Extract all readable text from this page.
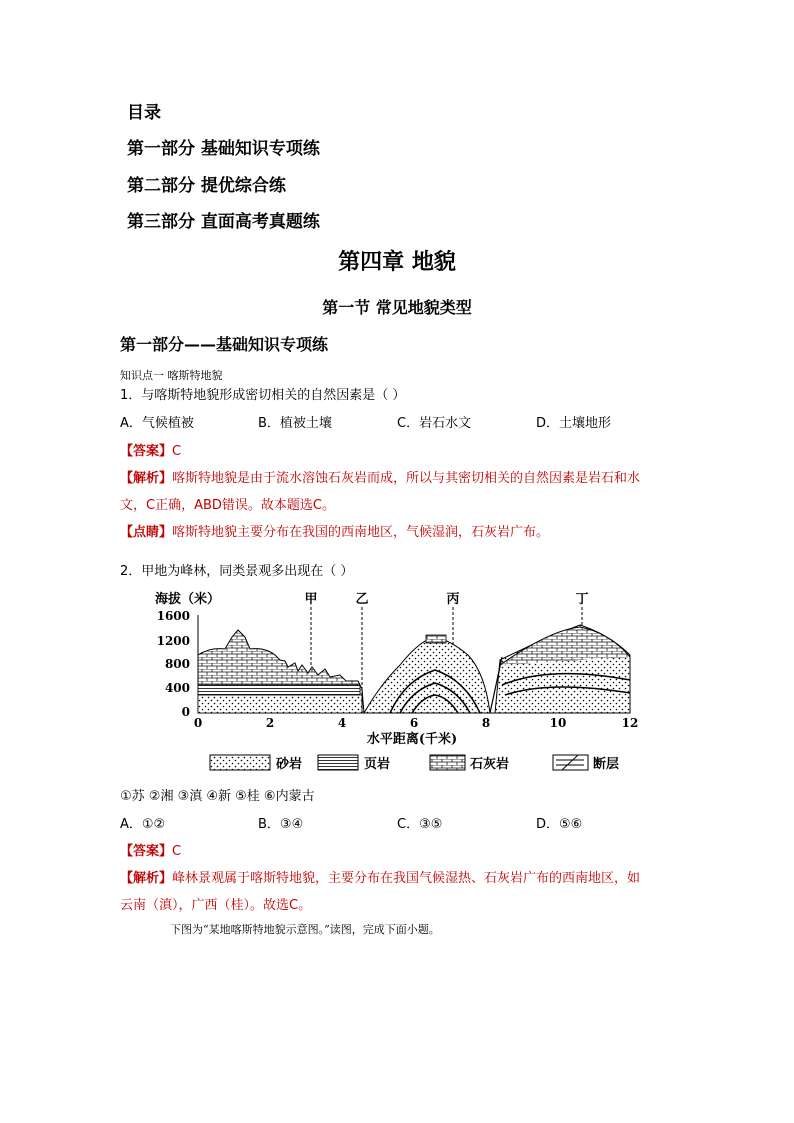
目录
第一部分 基础知识专项练
第二部分 提优综合练
第三部分 直面高考真题练
第四章 地貌
第一节 常见地貌类型
第一部分——基础知识专项练
知识点一 喀斯特地貌
1．与喀斯特地貌形成密切相关的自然因素是（ ）
A．气候植被	B．植被土壤	C．岩石水文	D．土壤地形
【答案】C
【解析】喀斯特地貌是由于流水溶蚀石灰岩而成，所以与其密切相关的自然因素是岩石和水
文，C正确，ABD错误。故本题选C。
【点睛】喀斯特地貌主要分布在我国的西南地区，气候湿润，石灰岩广布。
2．甲地为峰林，同类景观多出现在（ ）
海拔（米）
1600
1200
800
400
0
0	2	4	6	8	10	12
水平距离(千米)
甲	乙	丙	丁
砂岩	页岩	石灰岩	断层
①苏 ②湘 ③滇 ④新 ⑤桂 ⑥内蒙古
A．①②	B．③④	C．③⑤	D．⑤⑥
【答案】C
【解析】峰林景观属于喀斯特地貌，主要分布在我国气候湿热、石灰岩广布的西南地区，如
云南（滇），广西（桂）。故选C。
下图为“某地喀斯特地貌示意图。”读图，完成下面小题。
